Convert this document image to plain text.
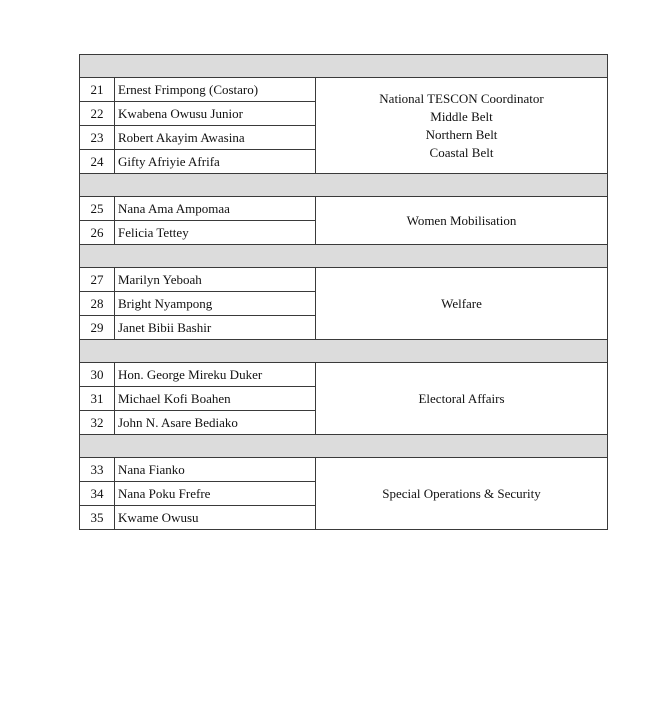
21	Ernest Frimpong (Costaro)	National TESCON Coordinator
Middle Belt
Northern Belt
Coastal Belt

22	Kwabena Owusu Junior	
23	Robert Akayim Awasina	
24	Gifty Afriyie Afrifa	

25	Nana Ama Ampomaa	Women Mobilisation
26	Felicia Tettey	

27	Marilyn Yeboah	Welfare
28	Bright Nyampong	
29	Janet Bibii Bashir	

30	Hon. George Mireku Duker	Electoral Affairs
31	Michael Kofi Boahen	
32	John N. Asare Bediako	

33	Nana Fianko	Special Operations & Security
34	Nana Poku Frefre	
35	Kwame Owusu	
